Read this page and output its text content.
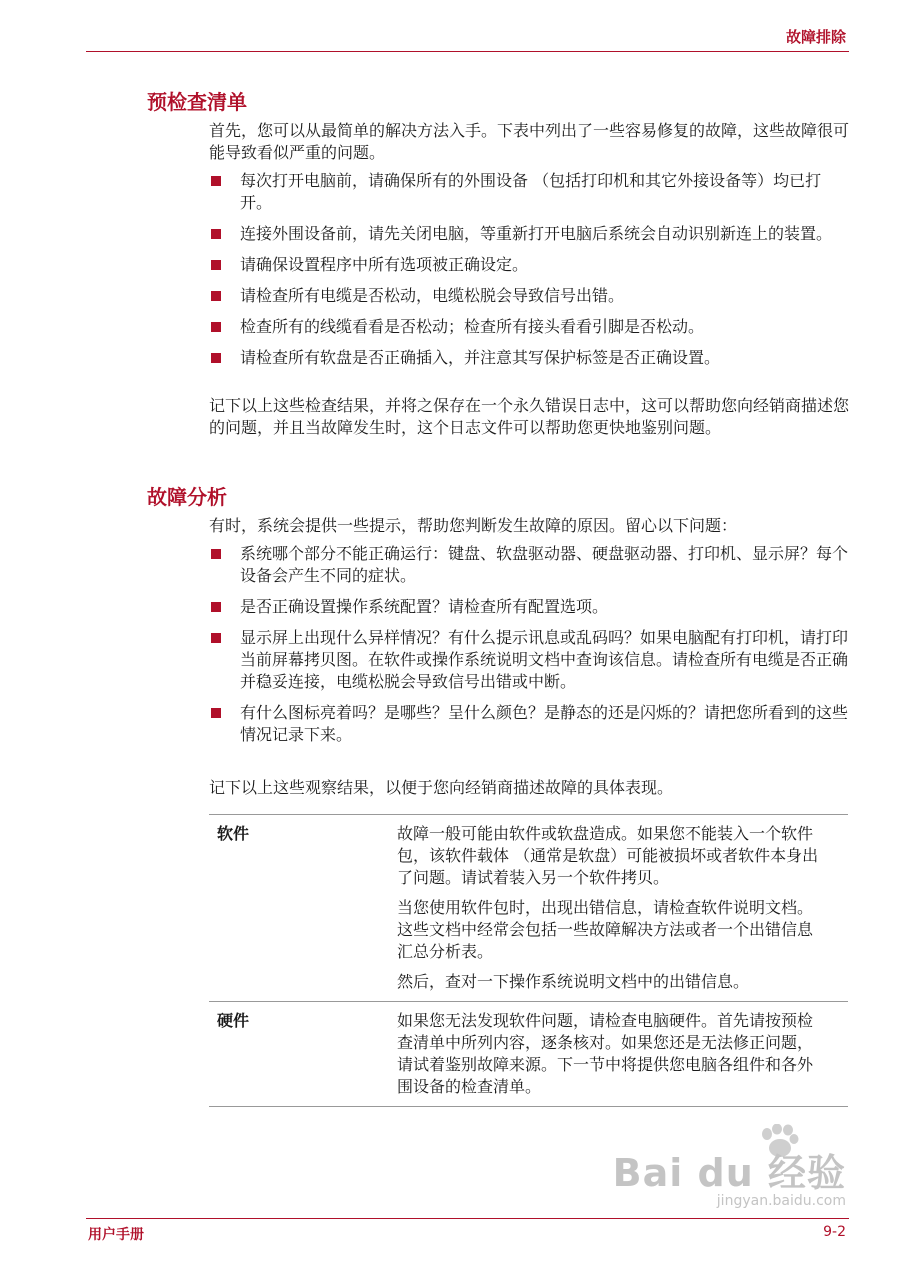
故障排除
预检查清单

首先，您可以从最简单的解决方法入手。下表中列出了一些容易修复的故障，这些故障很可能导致看似严重的问题。

每次打开电脑前，请确保所有的外围设备 （包括打印机和其它外接设备等）均已打开。
连接外围设备前，请先关闭电脑，等重新打开电脑后系统会自动识别新连上的装置。
请确保设置程序中所有选项被正确设定。
请检查所有电缆是否松动，电缆松脱会导致信号出错。
检查所有的线缆看看是否松动；检查所有接头看看引脚是否松动。
请检查所有软盘是否正确插入，并注意其写保护标签是否正确设置。

记下以上这些检查结果，并将之保存在一个永久错误日志中，这可以帮助您向经销商描述您的问题，并且当故障发生时，这个日志文件可以帮助您更快地鉴别问题。

故障分析

有时，系统会提供一些提示，帮助您判断发生故障的原因。留心以下问题：

系统哪个部分不能正确运行：键盘、软盘驱动器、硬盘驱动器、打印机、显示屏？每个设备会产生不同的症状。
是否正确设置操作系统配置？请检查所有配置选项。
显示屏上出现什么异样情况？有什么提示讯息或乱码吗？如果电脑配有打印机，请打印当前屏幕拷贝图。在软件或操作系统说明文档中查询该信息。请检查所有电缆是否正确并稳妥连接，电缆松脱会导致信号出错或中断。
有什么图标亮着吗？是哪些？呈什么颜色？是静态的还是闪烁的？请把您所看到的这些情况记录下来。

记下以上这些观察结果，以便于您向经销商描述故障的具体表现。

软件	故障一般可能由软件或软盘造成。如果您不能装入一个软件包，该软件载体 （通常是软盘）可能被损坏或者软件本身出了问题。请试着装入另一个软件拷贝。

当您使用软件包时，出现出错信息，请检查软件说明文档。这些文档中经常会包括一些故障解决方法或者一个出错信息汇总分析表。

然后，查对一下操作系统说明文档中的出错信息。

硬件	如果您无法发现软件问题，请检查电脑硬件。首先请按预检查清单中所列内容，逐条核对。如果您还是无法修正问题，请试着鉴别故障来源。下一节中将提供您电脑各组件和各外围设备的检查清单。

Bai du 经验
jingyan.baidu.com
用户手册	9-2
